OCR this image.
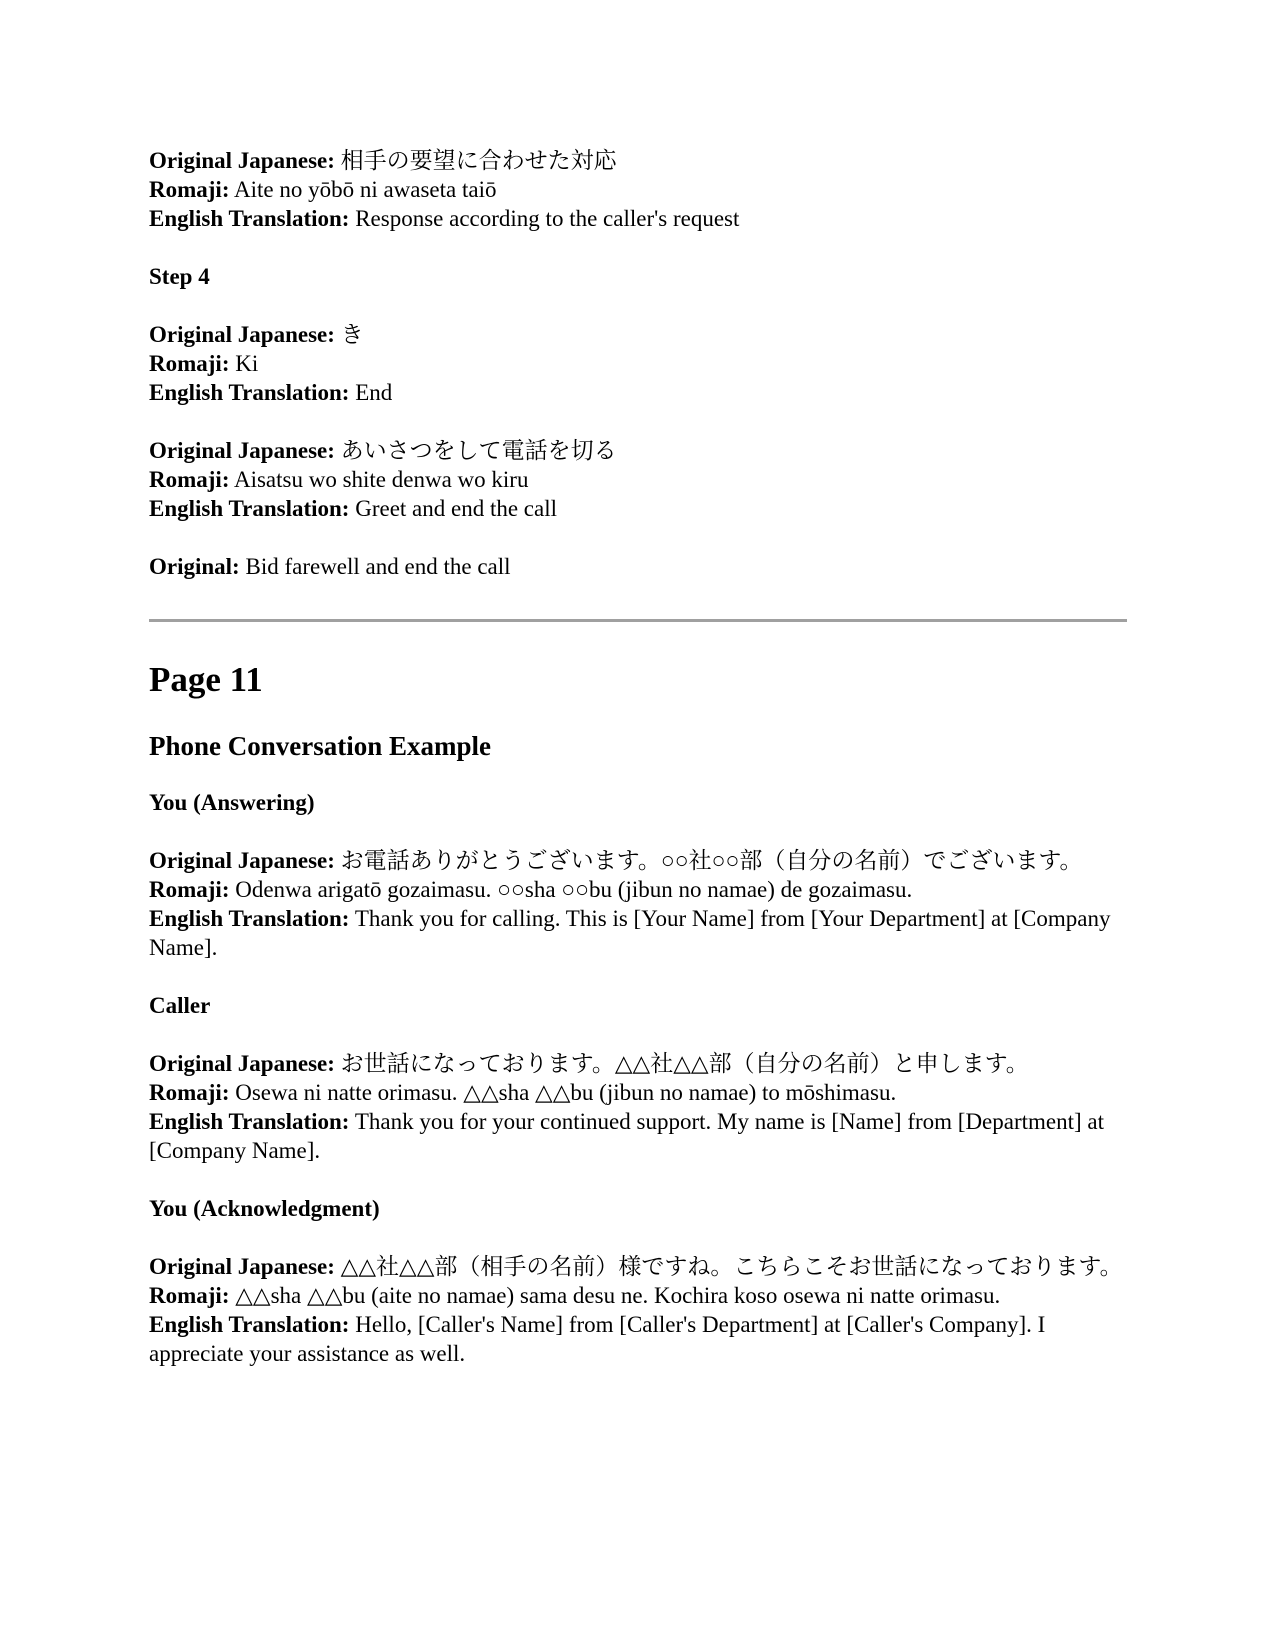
Original Japanese: 相手の要望に合わせた対応
Romaji: Aite no yōbō ni awaseta taiō
English Translation: Response according to the caller's request
Step 4
Original Japanese: き
Romaji: Ki
English Translation: End
Original Japanese: あいさつをして電話を切る
Romaji: Aisatsu wo shite denwa wo kiru
English Translation: Greet and end the call
Original: Bid farewell and end the call
Page 11
Phone Conversation Example
You (Answering)
Original Japanese: お電話ありがとうございます。○○社○○部（自分の名前）でございます。
Romaji: Odenwa arigatō gozaimasu. ○○sha ○○bu (jibun no namae) de gozaimasu.
English Translation: Thank you for calling. This is [Your Name] from [Your Department] at [Company Name].
Caller
Original Japanese: お世話になっております。△△社△△部（自分の名前）と申します。
Romaji: Osewa ni natte orimasu. △△sha △△bu (jibun no namae) to mōshimasu.
English Translation: Thank you for your continued support. My name is [Name] from [Department] at [Company Name].
You (Acknowledgment)
Original Japanese: △△社△△部（相手の名前）様ですね。こちらこそお世話になっております。
Romaji: △△sha △△bu (aite no namae) sama desu ne. Kochira koso osewa ni natte orimasu.
English Translation: Hello, [Caller's Name] from [Caller's Department] at [Caller's Company]. I appreciate your assistance as well.
